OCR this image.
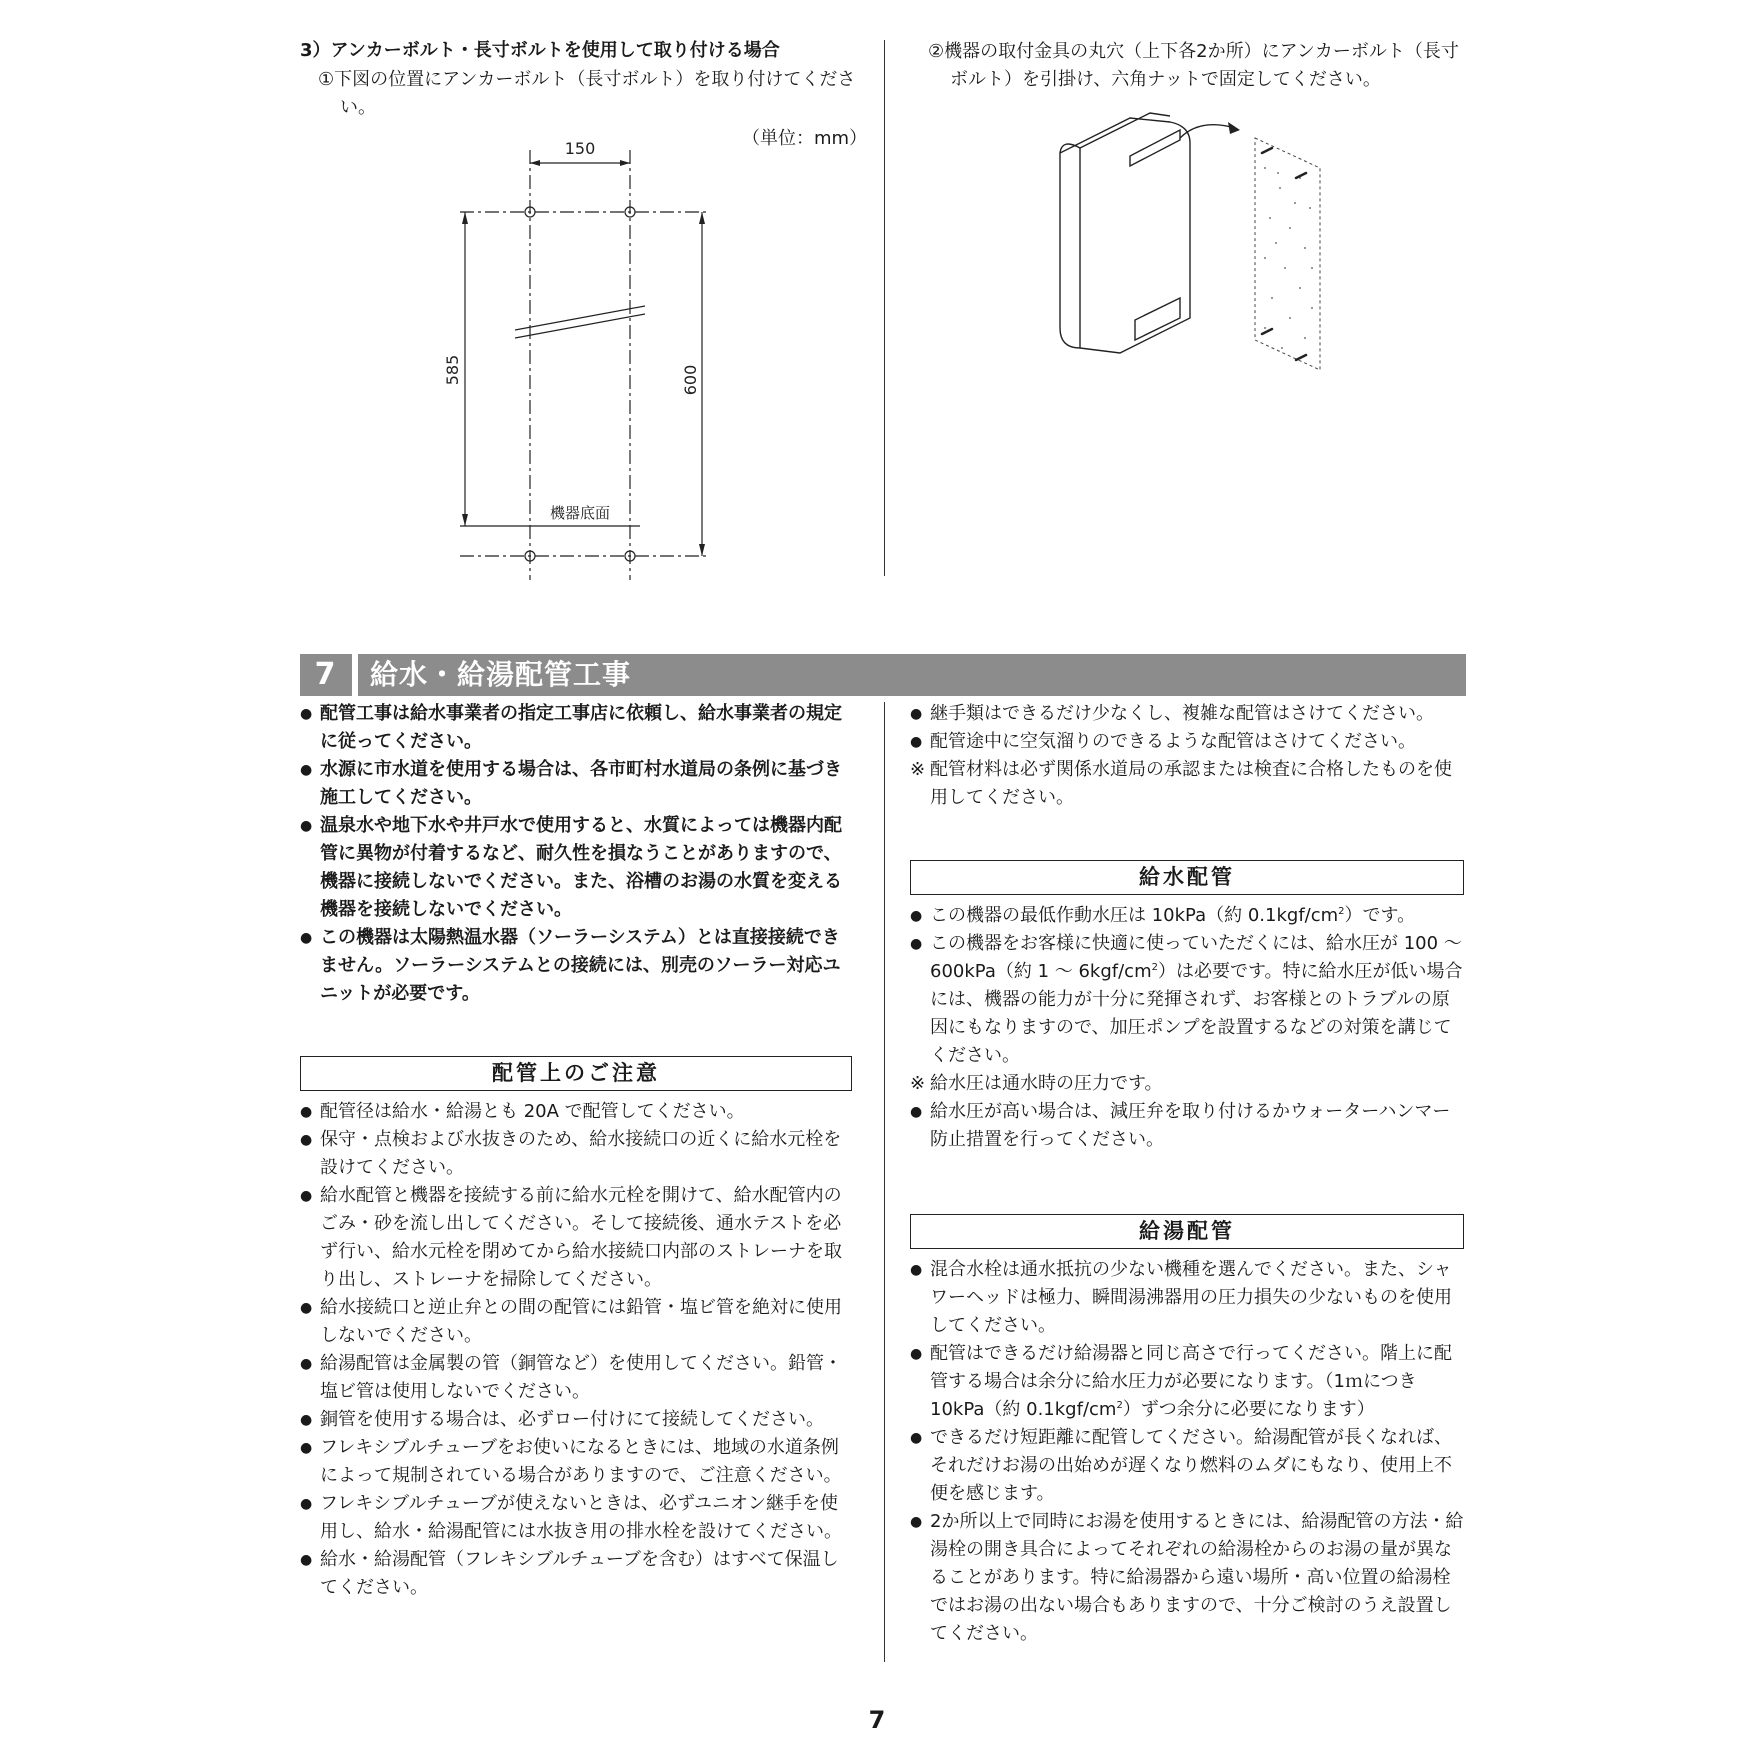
3）アンカーボルト・長寸ボルトを使用して取り付ける場合
①下図の位置にアンカーボルト（長寸ボルト）を取り付けてください。
（単位：mm）
150
585	600
機器底面
②機器の取付金具の丸穴（上下各2か所）にアンカーボルト（長寸ボルト）を引掛け、六角ナットで固定してください。
7	給水・給湯配管工事
● 配管工事は給水事業者の指定工事店に依頼し、給水事業者の規定に従ってください。
● 水源に市水道を使用する場合は、各市町村水道局の条例に基づき施工してください。
● 温泉水や地下水や井戸水で使用すると、水質によっては機器内配管に異物が付着するなど、耐久性を損なうことがありますので、機器に接続しないでください。また、浴槽のお湯の水質を変える機器を接続しないでください。
● この機器は太陽熱温水器（ソーラーシステム）とは直接接続できません。ソーラーシステムとの接続には、別売のソーラー対応ユニットが必要です。
配管上のご注意
● 配管径は給水・給湯とも 20A で配管してください。
● 保守・点検および水抜きのため、給水接続口の近くに給水元栓を設けてください。
● 給水配管と機器を接続する前に給水元栓を開けて、給水配管内のごみ・砂を流し出してください。そして接続後、通水テストを必ず行い、給水元栓を閉めてから給水接続口内部のストレーナを取り出し、ストレーナを掃除してください。
● 給水接続口と逆止弁との間の配管には鉛管・塩ビ管を絶対に使用しないでください。
● 給湯配管は金属製の管（銅管など）を使用してください。鉛管・塩ビ管は使用しないでください。
● 銅管を使用する場合は、必ずロー付けにて接続してください。
● フレキシブルチューブをお使いになるときには、地域の水道条例によって規制されている場合がありますので、ご注意ください。
● フレキシブルチューブが使えないときは、必ずユニオン継手を使用し、給水・給湯配管には水抜き用の排水栓を設けてください。
● 給水・給湯配管（フレキシブルチューブを含む）はすべて保温してください。
● 継手類はできるだけ少なくし、複雑な配管はさけてください。
● 配管途中に空気溜りのできるような配管はさけてください。
※ 配管材料は必ず関係水道局の承認または検査に合格したものを使用してください。
給水配管
● この機器の最低作動水圧は 10kPa（約 $0.1kgf/cm^2$）です。
● この機器をお客様に快適に使っていただくには、給水圧が 100 ～ 600kPa（約 1 ～ $6kgf/cm^2$）は必要です。特に給水圧が低い場合には、機器の能力が十分に発揮されず、お客様とのトラブルの原因にもなりますので、加圧ポンプを設置するなどの対策を講じてください。
※ 給水圧は通水時の圧力です。
● 給水圧が高い場合は、減圧弁を取り付けるかウォーターハンマー防止措置を行ってください。
給湯配管
● 混合水栓は通水抵抗の少ない機種を選んでください。また、シャワーヘッドは極力、瞬間湯沸器用の圧力損失の少ないものを使用してください。
● 配管はできるだけ給湯器と同じ高さで行ってください。階上に配管する場合は余分に給水圧力が必要になります。（1ｍにつき 10kPa（約 $0.1kgf/cm^2$）ずつ余分に必要になります）
● できるだけ短距離に配管してください。給湯配管が長くなれば、それだけお湯の出始めが遅くなり燃料のムダにもなり、使用上不便を感じます。
● 2か所以上で同時にお湯を使用するときには、給湯配管の方法・給湯栓の開き具合によってそれぞれの給湯栓からのお湯の量が異なることがあります。特に給湯器から遠い場所・高い位置の給湯栓ではお湯の出ない場合もありますので、十分ご検討のうえ設置してください。
7
